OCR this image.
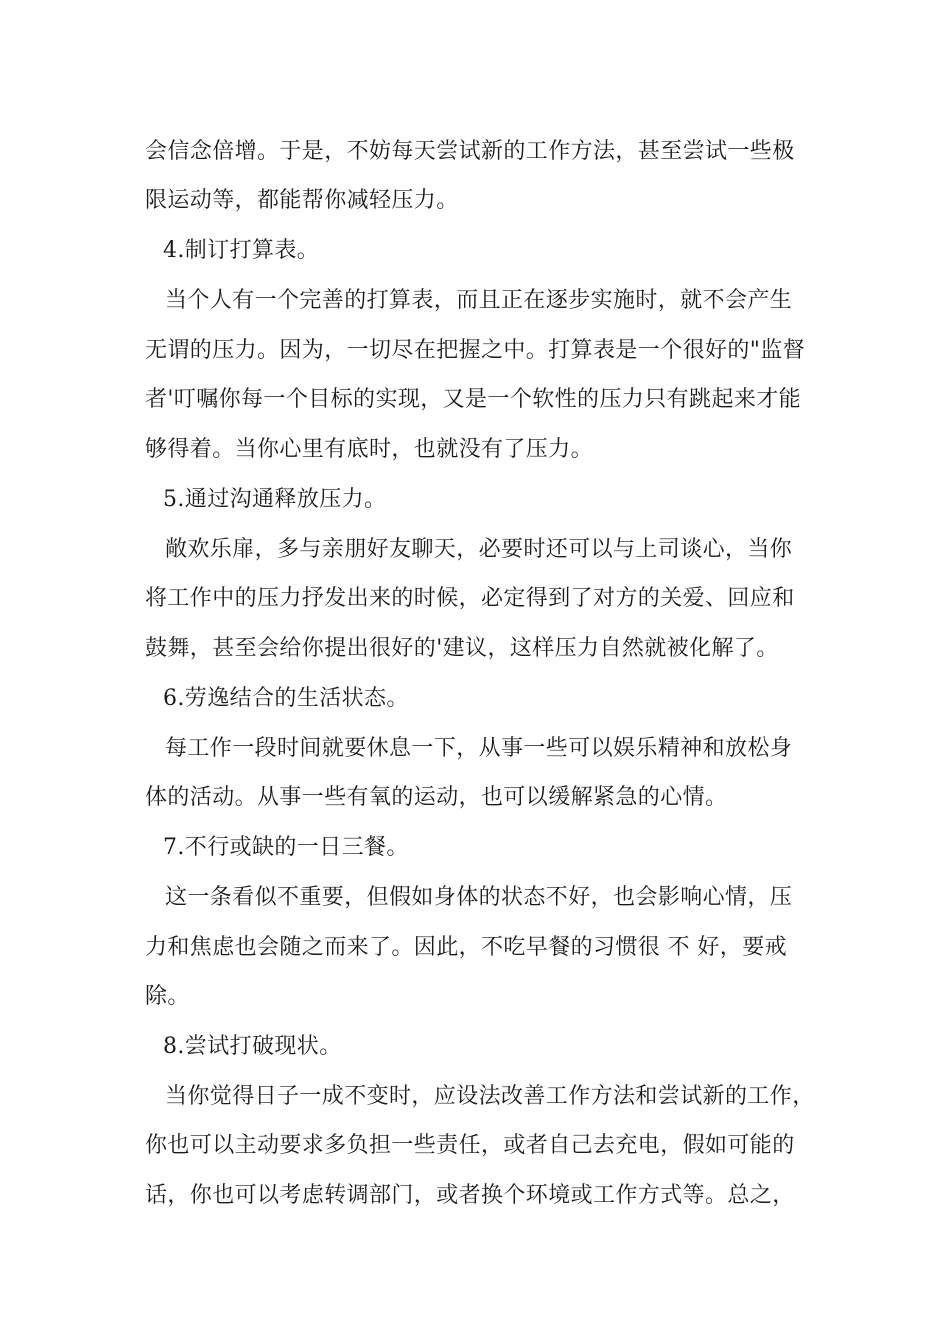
会信念倍增。于是，不妨每天尝试新的工作方法，甚至尝试一些极
限运动等，都能帮你减轻压力。
4.制订打算表。
当个人有一个完善的打算表，而且正在逐步实施时，就不会产生
无谓的压力。因为，一切尽在把握之中。打算表是一个很好的"监督
者'叮嘱你每一个目标的实现，又是一个软性的压力只有跳起来才能
够得着。当你心里有底时，也就没有了压力。
5.通过沟通释放压力。
敞欢乐扉，多与亲朋好友聊天，必要时还可以与上司谈心，当你
将工作中的压力抒发出来的时候，必定得到了对方的关爱、回应和
鼓舞，甚至会给你提出很好的'建议，这样压力自然就被化解了。
6.劳逸结合的生活状态。
每工作一段时间就要休息一下，从事一些可以娱乐精神和放松身
体的活动。从事一些有氧的运动，也可以缓解紧急的心情。
7.不行或缺的一日三餐。
这一条看似不重要，但假如身体的状态不好，也会影响心情，压
力和焦虑也会随之而来了。因此，不吃早餐的习惯很 不 好，要戒
除。
8.尝试打破现状。
当你觉得日子一成不变时，应设法改善工作方法和尝试新的工作，
你也可以主动要求多负担一些责任，或者自己去充电，假如可能的
话，你也可以考虑转调部门，或者换个环境或工作方式等。总之，
